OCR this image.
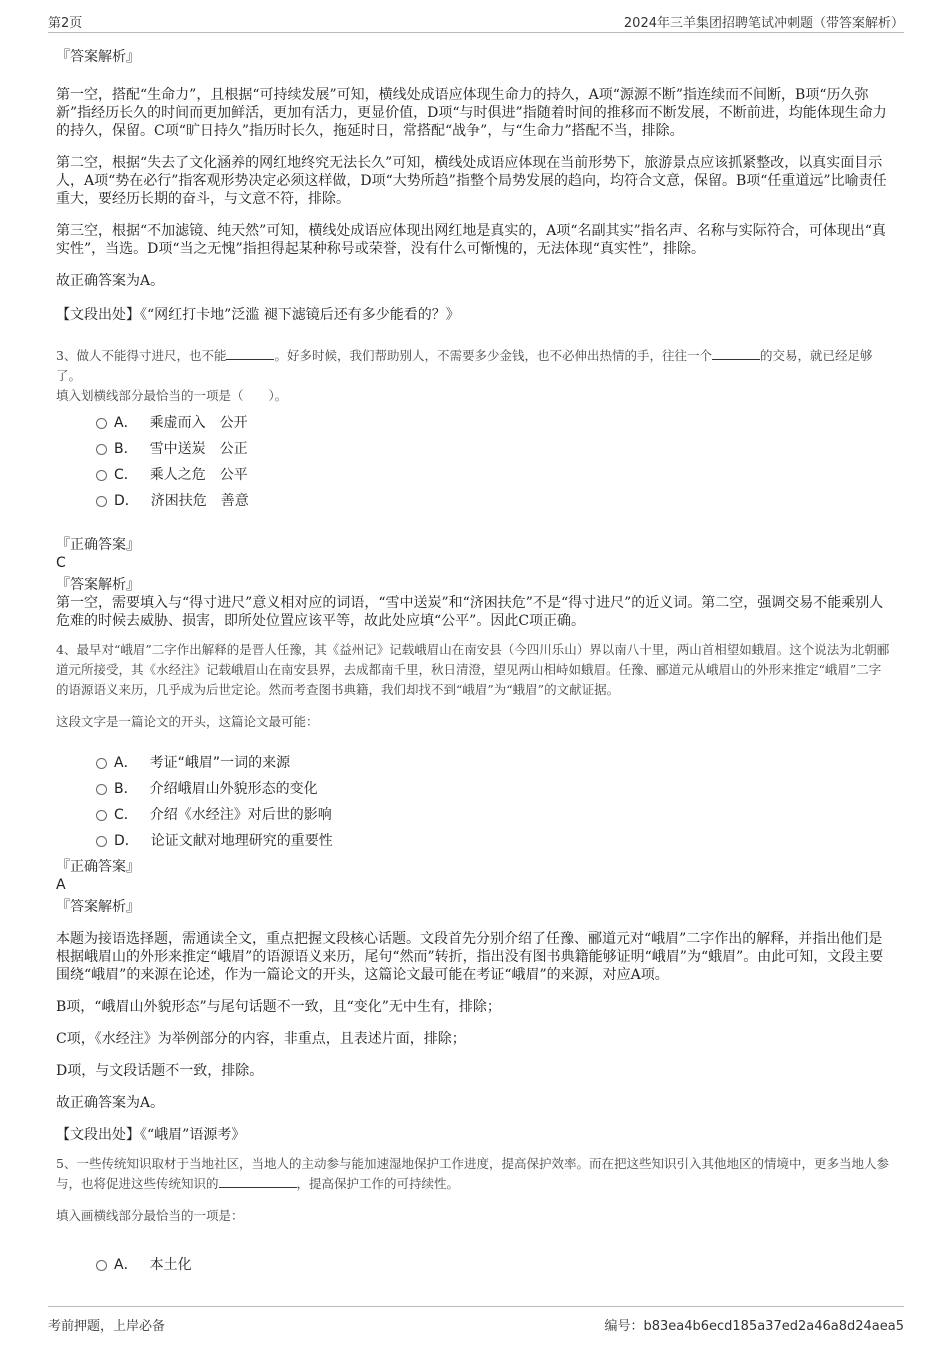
第2页	2024年三羊集团招聘笔试冲刺题（带答案解析）

『答案解析』

第一空，搭配“生命力”，且根据“可持续发展”可知，横线处成语应体现生命力的持久，A项“源源不断”指连续而不间断，B项“历久弥新”指经历长久的时间而更加鲜活，更加有活力，更显价值，D项“与时俱进”指随着时间的推移而不断发展，不断前进，均能体现生命力的持久，保留。C项“旷日持久”指历时长久，拖延时日，常搭配“战争”，与“生命力”搭配不当，排除。

第二空，根据“失去了文化涵养的网红地终究无法长久”可知，横线处成语应体现在当前形势下，旅游景点应该抓紧整改，以真实面目示人，A项“势在必行”指客观形势决定必须这样做，D项“大势所趋”指整个局势发展的趋向，均符合文意，保留。B项“任重道远”比喻责任重大，要经历长期的奋斗，与文意不符，排除。

第三空，根据“不加滤镜、纯天然”可知，横线处成语应体现出网红地是真实的，A项“名副其实”指名声、名称与实际符合，可体现出“真实性”，当选。D项“当之无愧”指担得起某种称号或荣誉，没有什么可惭愧的，无法体现“真实性”，排除。

故正确答案为A。

【文段出处】《“网红打卡地”泛滥 褪下滤镜后还有多少能看的？》

3、做人不能得寸进尺，也不能	。好多时候，我们帮助别人，不需要多少金钱，也不必伸出热情的手，往往一个	的交易，就已经足够了。

填入划横线部分最恰当的一项是（　　）。

A． 乘虚而入　公开
B． 雪中送炭　公正
C． 乘人之危　公平
D． 济困扶危　善意

『正确答案』

C

『答案解析』

第一空，需要填入与“得寸进尺”意义相对应的词语，“雪中送炭”和“济困扶危”不是“得寸进尺”的近义词。第二空，强调交易不能乘别人危难的时候去威胁、损害，即所处位置应该平等，故此处应填“公平”。因此C项正确。

4、最早对“峨眉”二字作出解释的是晋人任豫，其《益州记》记载峨眉山在南安县（今四川乐山）界以南八十里，两山首相望如蛾眉。这个说法为北朝郦道元所接受，其《水经注》记载峨眉山在南安县界，去成都南千里，秋日清澄，望见两山相峙如蛾眉。任豫、郦道元从峨眉山的外形来推定“峨眉”二字的语源语义来历，几乎成为后世定论。然而考查图书典籍，我们却找不到“峨眉”为“蛾眉”的文献证据。

这段文字是一篇论文的开头，这篇论文最可能：

A． 考证“峨眉”一词的来源
B． 介绍峨眉山外貌形态的变化
C． 介绍《水经注》对后世的影响
D． 论证文献对地理研究的重要性

『正确答案』

A

『答案解析』

本题为接语选择题，需通读全文，重点把握文段核心话题。文段首先分别介绍了任豫、郦道元对“峨眉”二字作出的解释，并指出他们是根据峨眉山的外形来推定“峨眉”的语源语义来历，尾句“然而”转折，指出没有图书典籍能够证明“峨眉”为“蛾眉”。由此可知，文段主要围绕“峨眉”的来源在论述，作为一篇论文的开头，这篇论文最可能在考证“峨眉”的来源，对应A项。

B项，“峨眉山外貌形态”与尾句话题不一致，且“变化”无中生有，排除；

C项，《水经注》为举例部分的内容，非重点，且表述片面，排除；

D项，与文段话题不一致，排除。

故正确答案为A。

【文段出处】《“峨眉”语源考》

5、一些传统知识取材于当地社区，当地人的主动参与能加速湿地保护工作进度，提高保护效率。而在把这些知识引入其他地区的情境中，更多当地人参与，也将促进这些传统知识的	，提高保护工作的可持续性。

填入画横线部分最恰当的一项是：

A． 本土化
考前押题，上岸必备	编号：b83ea4b6ecd185a37ed2a46a8d24aea5
